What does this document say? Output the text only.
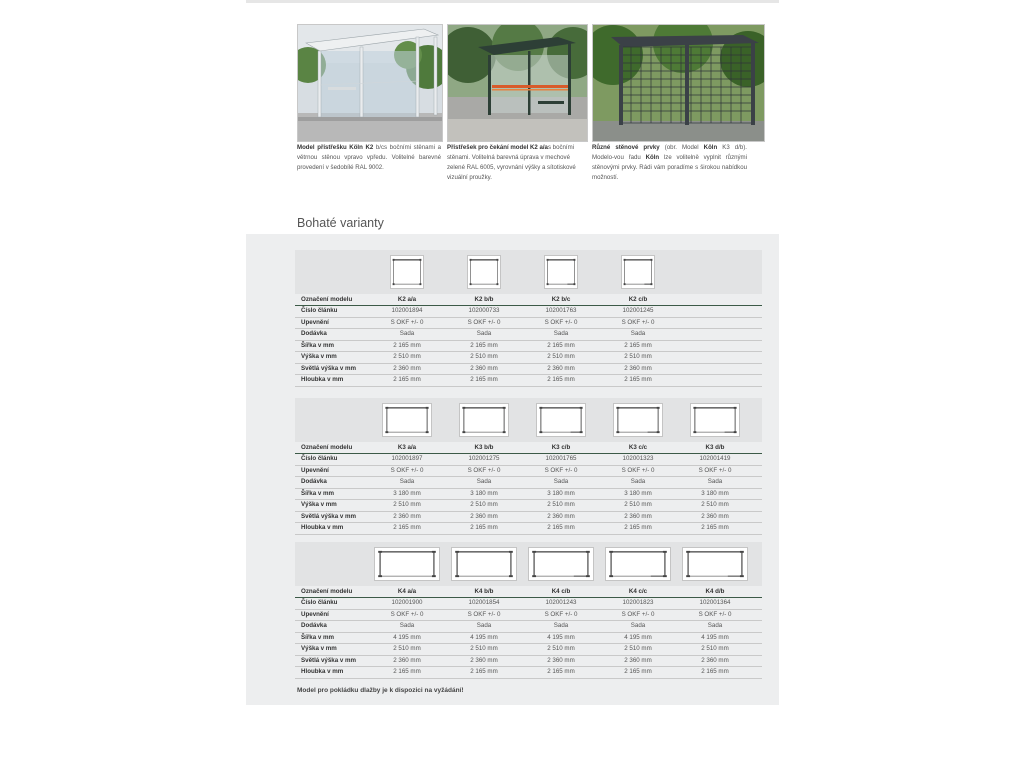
Model přístřešku Köln K2 b/cs bočními stěnami a větrnou stěnou vpravo vpředu. Volitelné barevné provedení v šedobílé RAL 9002.
Přístřešek pro čekání model K2 a/as bočními stěnami. Volitelná barevná úprava v mechové zelené RAL 6005, vyrovnání výšky a sítotiskové vizuální proužky.
Různé stěnové prvky (obr. Model Köln K3 d/b). Modelo-vou řadu Köln lze volitelně vyplnit různými stěnovými prvky. Rádi vám poradíme s širokou nabídkou možností.
Bohaté varianty
Označení modelu	K2 a/a	K2 b/b	K2 b/c	K2 c/b
Číslo článku	102001894	102000733	102001763	102001245
Upevnění	S OKF +/- 0	S OKF +/- 0	S OKF +/- 0	S OKF +/- 0
Dodávka	Sada	Sada	Sada	Sada
Šířka v mm	2 165 mm	2 165 mm	2 165 mm	2 165 mm
Výška v mm	2 510 mm	2 510 mm	2 510 mm	2 510 mm
Světlá výška v mm	2 360 mm	2 360 mm	2 360 mm	2 360 mm
Hloubka v mm	2 165 mm	2 165 mm	2 165 mm	2 165 mm
Označení modelu	K3 a/a	K3 b/b	K3 c/b	K3 c/c	K3 d/b
Číslo článku	102001897	102001275	102001765	102001323	102001419
Upevnění	S OKF +/- 0	S OKF +/- 0	S OKF +/- 0	S OKF +/- 0	S OKF +/- 0
Dodávka	Sada	Sada	Sada	Sada	Sada
Šířka v mm	3 180 mm	3 180 mm	3 180 mm	3 180 mm	3 180 mm
Výška v mm	2 510 mm	2 510 mm	2 510 mm	2 510 mm	2 510 mm
Světlá výška v mm	2 360 mm	2 360 mm	2 360 mm	2 360 mm	2 360 mm
Hloubka v mm	2 165 mm	2 165 mm	2 165 mm	2 165 mm	2 165 mm
Označení modelu	K4 a/a	K4 b/b	K4 c/b	K4 c/c	K4 d/b
Číslo článku	102001900	102001854	102001243	102001823	102001364
Upevnění	S OKF +/- 0	S OKF +/- 0	S OKF +/- 0	S OKF +/- 0	S OKF +/- 0
Dodávka	Sada	Sada	Sada	Sada	Sada
Šířka v mm	4 195 mm	4 195 mm	4 195 mm	4 195 mm	4 195 mm
Výška v mm	2 510 mm	2 510 mm	2 510 mm	2 510 mm	2 510 mm
Světlá výška v mm	2 360 mm	2 360 mm	2 360 mm	2 360 mm	2 360 mm
Hloubka v mm	2 165 mm	2 165 mm	2 165 mm	2 165 mm	2 165 mm
Model pro pokládku dlažby je k dispozici na vyžádání!
